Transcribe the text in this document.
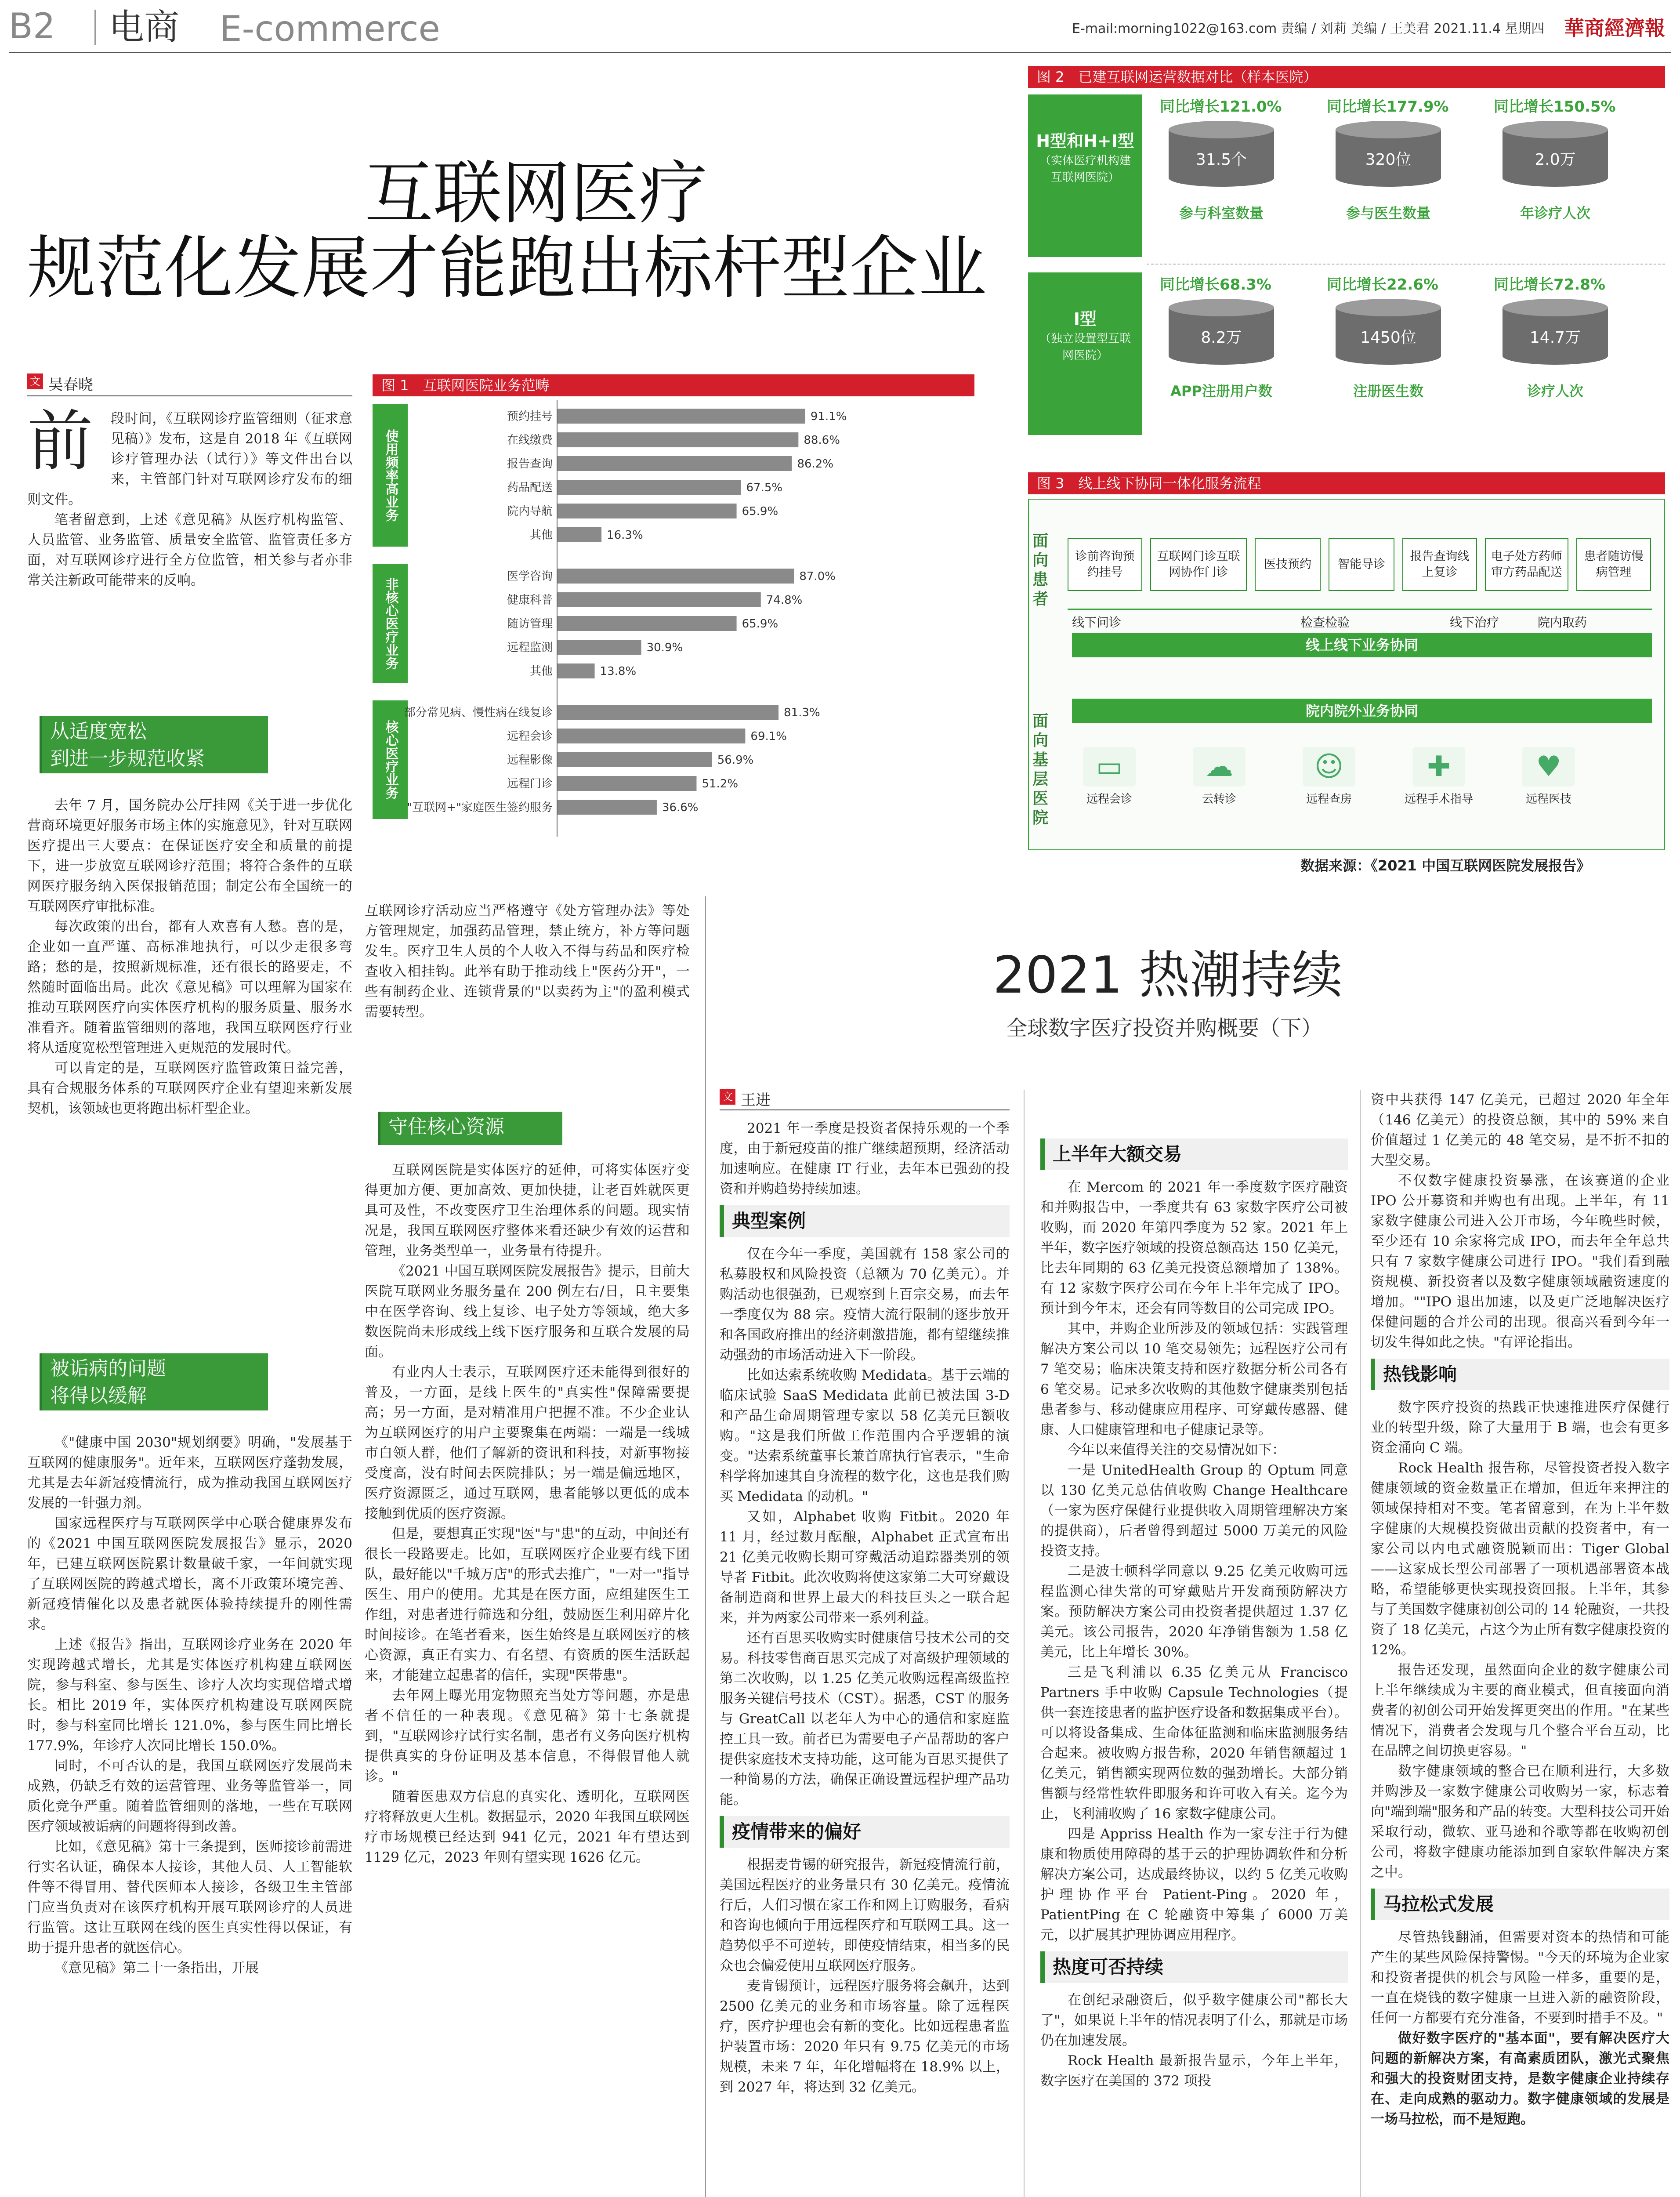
B2 电商 E-commerce	E-mail:morning1022@163.com 责编 / 刘莉 美编 / 王美君 2021.11.4 星期四 華商經濟報
互联网医疗
规范化发展才能跑出标杆型企业
文 吴春晓
前	段时间，《互联网诊疗监管细则（征求意见稿）》发布，这是自 2018 年《互联网诊疗管理办法（试行）》等文件出台以来，主管部门针对互联网诊疗发布的细则文件。

笔者留意到，上述《意见稿》从医疗机构监管、人员监管、业务监管、质量安全监管、监管责任多方面，对互联网诊疗进行全方位监管，相关参与者亦非常关注新政可能带来的反响。

从适度宽松
到进一步规范收紧

去年 7 月，国务院办公厅挂网《关于进一步优化营商环境更好服务市场主体的实施意见》，针对互联网医疗提出三大要点：在保证医疗安全和质量的前提下，进一步放宽互联网诊疗范围；将符合条件的互联网医疗服务纳入医保报销范围；制定公布全国统一的互联网医疗审批标准。

每次政策的出台，都有人欢喜有人愁。喜的是，企业如一直严谨、高标准地执行，可以少走很多弯路；愁的是，按照新规标准，还有很长的路要走，不然随时面临出局。此次《意见稿》可以理解为国家在推动互联网医疗向实体医疗机构的服务质量、服务水准看齐。随着监管细则的落地，我国互联网医疗行业将从适度宽松型管理进入更规范的发展时代。

可以肯定的是，互联网医疗监管政策日益完善，具有合规服务体系的互联网医疗企业有望迎来新发展契机，该领域也更将跑出标杆型企业。

被诟病的问题
将得以缓解

《"健康中国 2030"规划纲要》明确，"发展基于互联网的健康服务"。近年来，互联网医疗蓬勃发展，尤其是去年新冠疫情流行，成为推动我国互联网医疗发展的一针强力剂。

国家远程医疗与互联网医学中心联合健康界发布的《2021 中国互联网医院发展报告》显示，2020 年，已建互联网医院累计数量破千家，一年间就实现了互联网医院的跨越式增长，离不开政策环境完善、新冠疫情催化以及患者就医体验持续提升的刚性需求。

上述《报告》指出，互联网诊疗业务在 2020 年实现跨越式增长，尤其是实体医疗机构建互联网医院，参与科室、参与医生、诊疗人次均实现倍增式增长。相比 2019 年，实体医疗机构建设互联网医院时，参与科室同比增长 121.0%，参与医生同比增长 177.9%，年诊疗人次同比增长 150.0%。

同时，不可否认的是，我国互联网医疗发展尚未成熟，仍缺乏有效的运营管理、业务等监管举一，同质化竞争严重。随着监管细则的落地，一些在互联网医疗领域被诟病的问题将得到改善。

比如，《意见稿》第十三条提到，医师接诊前需进行实名认证，确保本人接诊，其他人员、人工智能软件等不得冒用、替代医师本人接诊，各级卫生主管部门应当负责对在该医疗机构开展互联网诊疗的人员进行监管。这让互联网在线的医生真实性得以保证，有助于提升患者的就医信心。

《意见稿》第二十一条指出，开展

互联网诊疗活动应当严格遵守《处方管理办法》等处方管理规定，加强药品管理，禁止统方，补方等问题发生。医疗卫生人员的个人收入不得与药品和医疗检查收入相挂钩。此举有助于推动线上"医药分开"，一些有制药企业、连锁背景的"以卖药为主"的盈利模式需要转型。

守住核心资源

互联网医院是实体医疗的延伸，可将实体医疗变得更加方便、更加高效、更加快捷，让老百姓就医更具可及性，不改变医疗卫生治理体系的问题。现实情况是，我国互联网医疗整体来看还缺少有效的运营和管理，业务类型单一，业务量有待提升。

《2021 中国互联网医院发展报告》提示，目前大医院互联网业务服务量在 200 例左右/日，且主要集中在医学咨询、线上复诊、电子处方等领域，绝大多数医院尚未形成线上线下医疗服务和互联合发展的局面。

有业内人士表示，互联网医疗还未能得到很好的普及，一方面，是线上医生的"真实性"保障需要提高；另一方面，是对精准用户把握不准。不少企业认为互联网医疗的用户主要聚集在两端：一端是一线城市白领人群，他们了解新的资讯和科技，对新事物接受度高，没有时间去医院排队；另一端是偏远地区，医疗资源匮乏，通过互联网，患者能够以更低的成本接触到优质的医疗资源。

但是，要想真正实现"医"与"患"的互动，中间还有很长一段路要走。比如，互联网医疗企业要有线下团队，最好能以"千城万店"的形式去推广，"一对一"指导医生、用户的使用。尤其是在医方面，应组建医生工作组，对患者进行筛选和分组，鼓励医生利用碎片化时间接诊。在笔者看来，医生始终是互联网医疗的核心资源，真正有实力、有名望、有资质的医生活跃起来，才能建立起患者的信任，实现"医带患"。

去年网上曝光用宠物照充当处方等问题，亦是患者不信任的一种表现。《意见稿》第十七条就提到，"互联网诊疗试行实名制，患者有义务向医疗机构提供真实的身份证明及基本信息，不得假冒他人就诊。"

随着医患双方信息的真实化、透明化，互联网医疗将释放更大生机。数据显示，2020 年我国互联网医疗市场规模已经达到 941 亿元，2021 年有望达到 1129 亿元，2023 年则有望实现 1626 亿元。

图 1　互联网医院业务范畴
使用频率高业务
预约挂号	91.1%
在线缴费	88.6%
报告查询	86.2%
药品配送	67.5%
院内导航	65.9%
其他	16.3%
非核心医疗业务
医学咨询	87.0%
健康科普	74.8%
随访管理	65.9%
远程监测	30.9%
其他	13.8%
核心医疗业务
部分常见病、慢性病在线复诊	81.3%
远程会诊	69.1%
远程影像	56.9%
远程门诊	51.2%
"互联网+"家庭医生签约服务	36.6%
图 2　已建互联网运营数据对比（样本医院）
H型和H+I型
（实体医疗机构建互联网医院）
I型
（独立设置型互联网医院）
同比增长121.0%
31.5个
参与科室数量
同比增长177.9%
320位
参与医生数量
同比增长150.5%
2.0万
年诊疗人次
同比增长68.3%
8.2万
APP注册用户数
同比增长22.6%
1450位
注册医生数
同比增长72.8%
14.7万
诊疗人次
图 3　线上线下协同一体化服务流程
面向患者
面向基层医院
诊前咨询预约挂号
互联网门诊互联网协作门诊
医技预约	智能导诊
报告查询线上复诊
电子处方药师审方药品配送
患者随访慢病管理
线下问诊	检查检验	线下治疗	院内取药
线上线下业务协同
院内院外业务协同
▭
远程会诊
☁
云转诊
☺
远程查房
✚
远程手术指导
♥
远程医技
数据来源：《2021 中国互联网医院发展报告》
2021 热潮持续
全球数字医疗投资并购概要（下）
文 王进

2021 年一季度是投资者保持乐观的一个季度，由于新冠疫苗的推广继续超预期，经济活动加速响应。在健康 IT 行业，去年本已强劲的投资和并购趋势持续加速。

典型案例

仅在今年一季度，美国就有 158 家公司的私募股权和风险投资（总额为 70 亿美元）。并购活动也很强劲，已观察到上百宗交易，而去年一季度仅为 88 宗。疫情大流行限制的逐步放开和各国政府推出的经济刺激措施，都有望继续推动强劲的市场活动进入下一阶段。

比如达索系统收购 Medidata。基于云端的临床试验 SaaS Medidata 此前已被法国 3-D 和产品生命周期管理专家以 58 亿美元巨额收购。"这是我们所做工作范围内合乎逻辑的演变。"达索系统董事长兼首席执行官表示，"生命科学将加速其自身流程的数字化，这也是我们购买 Medidata 的动机。"

又如，Alphabet 收购 Fitbit。2020 年 11 月，经过数月酝酿，Alphabet 正式宣布出 21 亿美元收购长期可穿戴活动追踪器类别的领导者 Fitbit。此次收购将使这家第二大可穿戴设备制造商和世界上最大的科技巨头之一联合起来，并为两家公司带来一系列利益。

还有百思买收购实时健康信号技术公司的交易。科技零售商百思买完成了对高级护理领域的第二次收购，以 1.25 亿美元收购远程高级监控服务关键信号技术（CST）。据悉，CST 的服务与 GreatCall 以老年人为中心的通信和家庭监控工具一致。前者已为需要电子产品帮助的客户提供家庭技术支持功能，这可能为百思买提供了一种简易的方法，确保正确设置远程护理产品功能。

疫情带来的偏好

根据麦肯锡的研究报告，新冠疫情流行前，美国远程医疗的业务量只有 30 亿美元。疫情流行后，人们习惯在家工作和网上订购服务，看病和咨询也倾向于用远程医疗和互联网工具。这一趋势似乎不可逆转，即使疫情结束，相当多的民众也会偏爱使用互联网医疗服务。

麦肯锡预计，远程医疗服务将会飙升，达到 2500 亿美元的业务和市场容量。除了远程医疗，医疗护理也会有新的变化。比如远程患者监护装置市场：2020 年只有 9.75 亿美元的市场规模，未来 7 年，年化增幅将在 18.9% 以上，到 2027 年，将达到 32 亿美元。

上半年大额交易

在 Mercom 的 2021 年一季度数字医疗融资和并购报告中，一季度共有 63 家数字医疗公司被收购，而 2020 年第四季度为 52 家。2021 年上半年，数字医疗领域的投资总额高达 150 亿美元，比去年同期的 63 亿美元投资总额增加了 138%。有 12 家数字医疗公司在今年上半年完成了 IPO。预计到今年末，还会有同等数目的公司完成 IPO。

其中，并购企业所涉及的领域包括：实践管理解决方案公司以 10 笔交易领先；远程医疗公司有 7 笔交易；临床决策支持和医疗数据分析公司各有 6 笔交易。记录多次收购的其他数字健康类别包括患者参与、移动健康应用程序、可穿戴传感器、健康、人口健康管理和电子健康记录等。

今年以来值得关注的交易情况如下：

一是 UnitedHealth Group 的 Optum 同意以 130 亿美元总估值收购 Change Healthcare（一家为医疗保健行业提供收入周期管理解决方案的提供商），后者曾得到超过 5000 万美元的风险投资支持。

二是波士顿科学同意以 9.25 亿美元收购可远程监测心律失常的可穿戴贴片开发商预防解决方案。预防解决方案公司由投资者提供超过 1.37 亿美元。该公司报告，2020 年净销售额为 1.58 亿美元，比上年增长 30%。

三是飞利浦以 6.35 亿美元从 Francisco Partners 手中收购 Capsule Technologies（提供一套连接患者的监护医疗设备和数据集成平台）。可以将设备集成、生命体征监测和临床监测服务结合起来。被收购方报告称，2020 年销售额超过 1 亿美元，销售额实现两位数的强劲增长。大部分销售额与经常性软件即服务和许可收入有关。迄今为止，飞利浦收购了 16 家数字健康公司。

四是 Appriss Health 作为一家专注于行为健康和物质使用障碍的基于云的护理协调软件和分析解决方案公司，达成最终协议，以约 5 亿美元收购护理协作平台 Patient-Ping。2020 年，PatientPing 在 C 轮融资中筹集了 6000 万美元，以扩展其护理协调应用程序。

热度可否持续

在创纪录融资后，似乎数字健康公司"都长大了"，如果说上半年的情况表明了什么，那就是市场仍在加速发展。

Rock Health 最新报告显示，今年上半年，数字医疗在美国的 372 项投

资中共获得 147 亿美元，已超过 2020 年全年（146 亿美元）的投资总额，其中的 59% 来自价值超过 1 亿美元的 48 笔交易，是不折不扣的大型交易。

不仅数字健康投资暴涨，在该赛道的企业 IPO 公开募资和并购也有出现。上半年，有 11 家数字健康公司进入公开市场，今年晚些时候，至少还有 10 余家将完成 IPO，而去年全年总共只有 7 家数字健康公司进行 IPO。"我们看到融资规模、新投资者以及数字健康领域融资速度的增加。""IPO 退出加速，以及更广泛地解决医疗保健问题的合并公司的出现。很高兴看到今年一切发生得如此之快。"有评论指出。

热钱影响

数字医疗投资的热践正快速推进医疗保健行业的转型升级，除了大量用于 B 端，也会有更多资金涌向 C 端。

Rock Health 报告称，尽管投资者投入数字健康领域的资金数量正在增加，但近年来押注的领域保持相对不变。笔者留意到，在为上半年数字健康的大规模投资做出贡献的投资者中，有一家公司以内电式融资脱颖而出：Tiger Global——这家成长型公司部署了一项机遇部署资本战略，希望能够更快实现投资回报。上半年，其参与了美国数字健康初创公司的 14 轮融资，一共投资了 18 亿美元，占这今为止所有数字健康投资的 12%。

报告还发现，虽然面向企业的数字健康公司上半年继续成为主要的商业模式，但直接面向消费者的初创公司开始发挥更突出的作用。"在某些情况下，消费者会发现与几个整合平台互动，比在品牌之间切换更容易。"

数字健康领域的整合已在顺利进行，大多数并购涉及一家数字健康公司收购另一家，标志着向"端到端"服务和产品的转变。大型科技公司开始采取行动，微软、亚马逊和谷歌等都在收购初创公司，将数字健康功能添加到自家软件解决方案之中。

马拉松式发展

尽管热钱翻涌，但需要对资本的热情和可能产生的某些风险保持警惕。"今天的环境为企业家和投资者提供的机会与风险一样多，重要的是，一直在烧钱的数字健康一旦进入新的融资阶段，任何一方都要有充分准备，不要到时措手不及。"

做好数字医疗的"基本面"，要有解决医疗大问题的新解决方案，有高素质团队，激光式聚焦和强大的投资财团支持，是数字健康企业持续存在、走向成熟的驱动力。数字健康领域的发展是一场马拉松，而不是短跑。
